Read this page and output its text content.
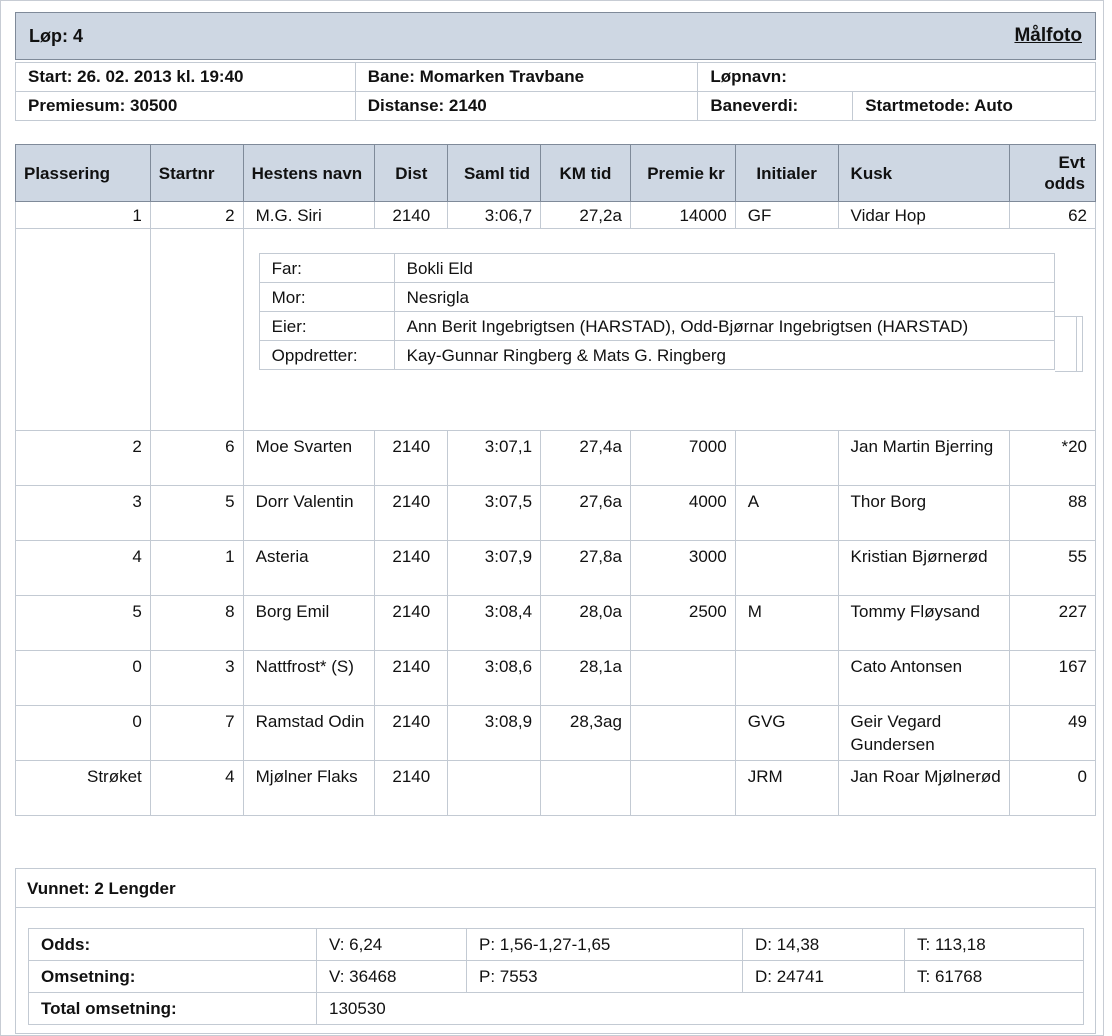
Løp: 4	Målfoto
Start: 26. 02. 2013 kl. 19:40	Bane: Momarken Travbane	Løpnavn:	
Premiesum: 30500	Distanse: 2140	Baneverdi:	Startmetode: Auto
Plassering	Startnr	Hestens navn	Dist	Saml tid	KM tid	Premie kr	Initialer	Kusk	Evt odds
1	2	M.G. Siri	2140	3:06,7	27,2a	14000	GF	Vidar Hop	62

Far:	Bokli Eld
Mor:	Nesrigla
Eier:	Ann Berit Ingebrigtsen (HARSTAD), Odd-Bjørnar Ingebrigtsen (HARSTAD)
Oppdretter:	Kay-Gunnar Ringberg & Mats G. Ringberg

2	6	Moe Svarten	2140	3:07,1	27,4a	7000		Jan Martin Bjerring	*20
3	5	Dorr Valentin	2140	3:07,5	27,6a	4000	A	Thor Borg	88
4	1	Asteria	2140	3:07,9	27,8a	3000		Kristian Bjørnerød	55
5	8	Borg Emil	2140	3:08,4	28,0a	2500	M	Tommy Fløysand	227
0	3	Nattfrost* (S)	2140	3:08,6	28,1a			Cato Antonsen	167
0	7	Ramstad Odin	2140	3:08,9	28,3ag		GVG	Geir Vegard Gundersen	49
Strøket	4	Mjølner Flaks	2140				JRM	Jan Roar Mjølnerød	0
Vunnet: 2 Lengder
Odds:	V: 6,24	P: 1,56-1,27-1,65	D: 14,38	T: 113,18
Omsetning:	V: 36468	P: 7553	D: 24741	T: 61768
Total omsetning:	130530			
